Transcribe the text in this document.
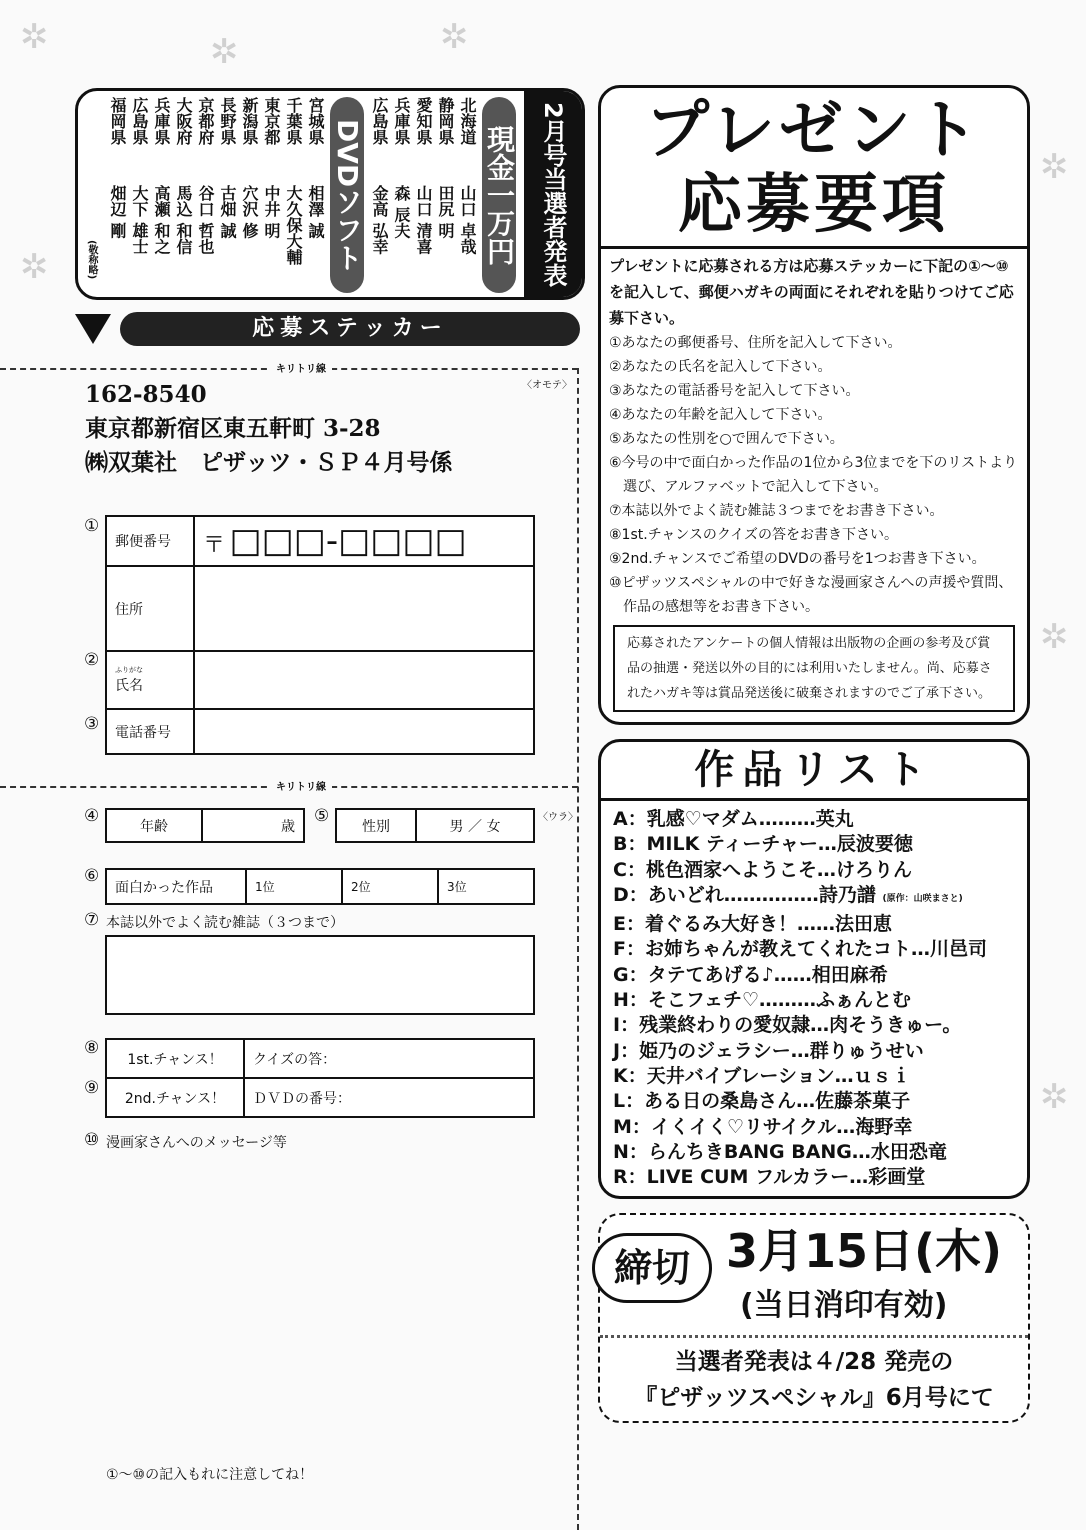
✲	✲	✲
✲
✲
✲
✲
2月号当選者発表
現金一万円
北海道
山口 卓哉
静岡県
田尻 明
愛知県
山口 清喜
兵庫県
森 辰夫
広島県
金高 弘幸
DVDソフト
宮城県
相澤 誠
千葉県
大久保大輔
東京都
中井 明
新潟県
穴沢 修
長野県
古畑 誠
京都府
谷口 哲也
大阪府
馬込 和信
兵庫県
高瀬 和之
広島県
大下 雄士
福岡県
畑辺 剛
(敬称略)
応募ステッカー
キリトリ線
キリトリ線
〈オモテ〉
〈ウラ〉
162-8540
東京都新宿区東五軒町 3-28
㈱双葉社　ピザッツ・ＳＰ４月号係
①
②
③
④	⑤
⑥
⑦
⑧
⑨
⑩
郵便番号	〒 □□□-□□□□
住所	

ふりがな
氏名	

電話番号	
年齢	歳	性別	男 ／ 女
面白かった作品	1位	2位	3位
本誌以外でよく読む雑誌（３つまで）
1st.チャンス！	クイズの答：
2nd.チャンス！	ＤＶＤの番号：
漫画家さんへのメッセージ等
①～⑩の記入もれに注意してね！
プレゼント
応募要項
プレゼントに応募される方は応募ステッカーに下記の①～⑩を記入して、郵便ハガキの両面にそれぞれを貼りつけてご応募下さい。
①あなたの郵便番号、住所を記入して下さい。
②あなたの氏名を記入して下さい。
③あなたの電話番号を記入して下さい。
④あなたの年齢を記入して下さい。
⑤あなたの性別を○で囲んで下さい。
⑥今号の中で面白かった作品の1位から3位までを下のリストより選び、アルファベットで記入して下さい。
⑦本誌以外でよく読む雑誌３つまでをお書き下さい。
⑧1st.チャンスのクイズの答をお書き下さい。
⑨2nd.チャンスでご希望のDVDの番号を1つお書き下さい。
⑩ピザッツスペシャルの中で好きな漫画家さんへの声援や質問、作品の感想等をお書き下さい。
応募されたアンケートの個人情報は出版物の企画の参考及び賞品の抽選・発送以外の目的には利用いたしません。尚、応募されたハガキ等は賞品発送後に破棄されますのでご了承下さい。
作品リスト
A：乳感♡マダム………英丸
B：MILK ティーチャー…辰波要徳
C：桃色酒家へようこそ…けろりん
D：あいどれ……………詩乃譜 (原作：山咲まさと)
E：着ぐるみ大好き！……法田恵
F：お姉ちゃんが教えてくれたコト…川邑司
G：タテてあげる♪……相田麻希
H：そこフェチ♡………ふぁんとむ
I：残業終わりの愛奴隷…肉そうきゅー。
J：姫乃のジェラシー…群りゅうせい
K：天井バイブレーション…ｕｓｉ
L：ある日の桑島さん…佐藤茶菓子
M：イくイく♡リサイクル…海野幸
N：らんちきBANG BANG…水田恐竜
R：LIVE CUM フルカラー…彩画堂
締切 3月15日(木)
(当日消印有効)
当選者発表は４/28 発売の
『ピザッツスペシャル』6月号にて
